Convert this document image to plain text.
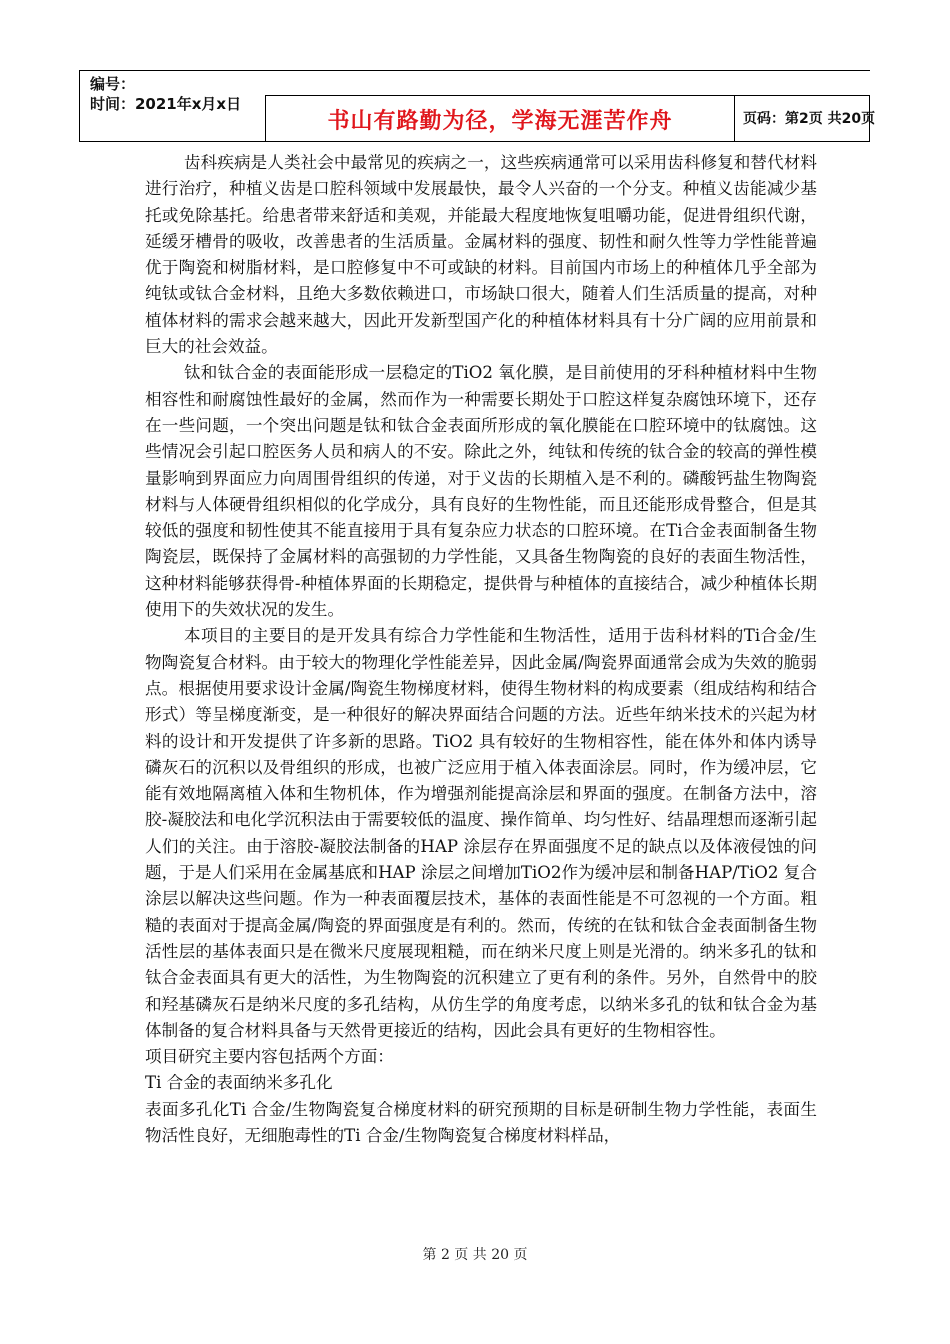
编号：
时间：2021年x月x日
书山有路勤为径，学海无涯苦作舟	页码：第2页 共20页

齿科疾病是人类社会中最常见的疾病之一，这些疾病通常可以采用齿科修复和替代材料进行治疗，种植义齿是口腔科领域中发展最快，最令人兴奋的一个分支。种植义齿能减少基托或免除基托。给患者带来舒适和美观，并能最大程度地恢复咀嚼功能，促进骨组织代谢，延缓牙槽骨的吸收，改善患者的生活质量。金属材料的强度、韧性和耐久性等力学性能普遍优于陶瓷和树脂材料，是口腔修复中不可或缺的材料。目前国内市场上的种植体几乎全部为纯钛或钛合金材料，且绝大多数依赖进口，市场缺口很大，随着人们生活质量的提高，对种植体材料的需求会越来越大，因此开发新型国产化的种植体材料具有十分广阔的应用前景和巨大的社会效益。

钛和钛合金的表面能形成一层稳定的TiO2 氧化膜，是目前使用的牙科种植材料中生物相容性和耐腐蚀性最好的金属，然而作为一种需要长期处于口腔这样复杂腐蚀环境下，还存在一些问题，一个突出问题是钛和钛合金表面所形成的氧化膜能在口腔环境中的钛腐蚀。这些情况会引起口腔医务人员和病人的不安。除此之外，纯钛和传统的钛合金的较高的弹性模量影响到界面应力向周围骨组织的传递，对于义齿的长期植入是不利的。磷酸钙盐生物陶瓷材料与人体硬骨组织相似的化学成分，具有良好的生物性能，而且还能形成骨整合，但是其较低的强度和韧性使其不能直接用于具有复杂应力状态的口腔环境。在Ti合金表面制备生物陶瓷层，既保持了金属材料的高强韧的力学性能，又具备生物陶瓷的良好的表面生物活性，这种材料能够获得骨-种植体界面的长期稳定，提供骨与种植体的直接结合，减少种植体长期使用下的失效状况的发生。

本项目的主要目的是开发具有综合力学性能和生物活性，适用于齿科材料的Ti合金/生物陶瓷复合材料。由于较大的物理化学性能差异，因此金属/陶瓷界面通常会成为失效的脆弱点。根据使用要求设计金属/陶瓷生物梯度材料，使得生物材料的构成要素（组成结构和结合形式）等呈梯度渐变，是一种很好的解决界面结合问题的方法。近些年纳米技术的兴起为材料的设计和开发提供了许多新的思路。TiO2 具有较好的生物相容性，能在体外和体内诱导磷灰石的沉积以及骨组织的形成，也被广泛应用于植入体表面涂层。同时，作为缓冲层，它能有效地隔离植入体和生物机体，作为增强剂能提高涂层和界面的强度。在制备方法中，溶胶-凝胶法和电化学沉积法由于需要较低的温度、操作简单、均匀性好、结晶理想而逐渐引起人们的关注。由于溶胶-凝胶法制备的HAP 涂层存在界面强度不足的缺点以及体液侵蚀的问题，于是人们采用在金属基底和HAP 涂层之间增加TiO2作为缓冲层和制备HAP/TiO2 复合涂层以解决这些问题。作为一种表面覆层技术，基体的表面性能是不可忽视的一个方面。粗糙的表面对于提高金属/陶瓷的界面强度是有利的。然而，传统的在钛和钛合金表面制备生物活性层的基体表面只是在微米尺度展现粗糙，而在纳米尺度上则是光滑的。纳米多孔的钛和钛合金表面具有更大的活性，为生物陶瓷的沉积建立了更有利的条件。另外，自然骨中的胶和羟基磷灰石是纳米尺度的多孔结构，从仿生学的角度考虑，以纳米多孔的钛和钛合金为基体制备的复合材料具备与天然骨更接近的结构，因此会具有更好的生物相容性。

项目研究主要内容包括两个方面：

Ti 合金的表面纳米多孔化

表面多孔化Ti 合金/生物陶瓷复合梯度材料的研究预期的目标是研制生物力学性能，表面生物活性良好，无细胞毒性的Ti 合金/生物陶瓷复合梯度材料样品，

第 2 页 共 20 页
